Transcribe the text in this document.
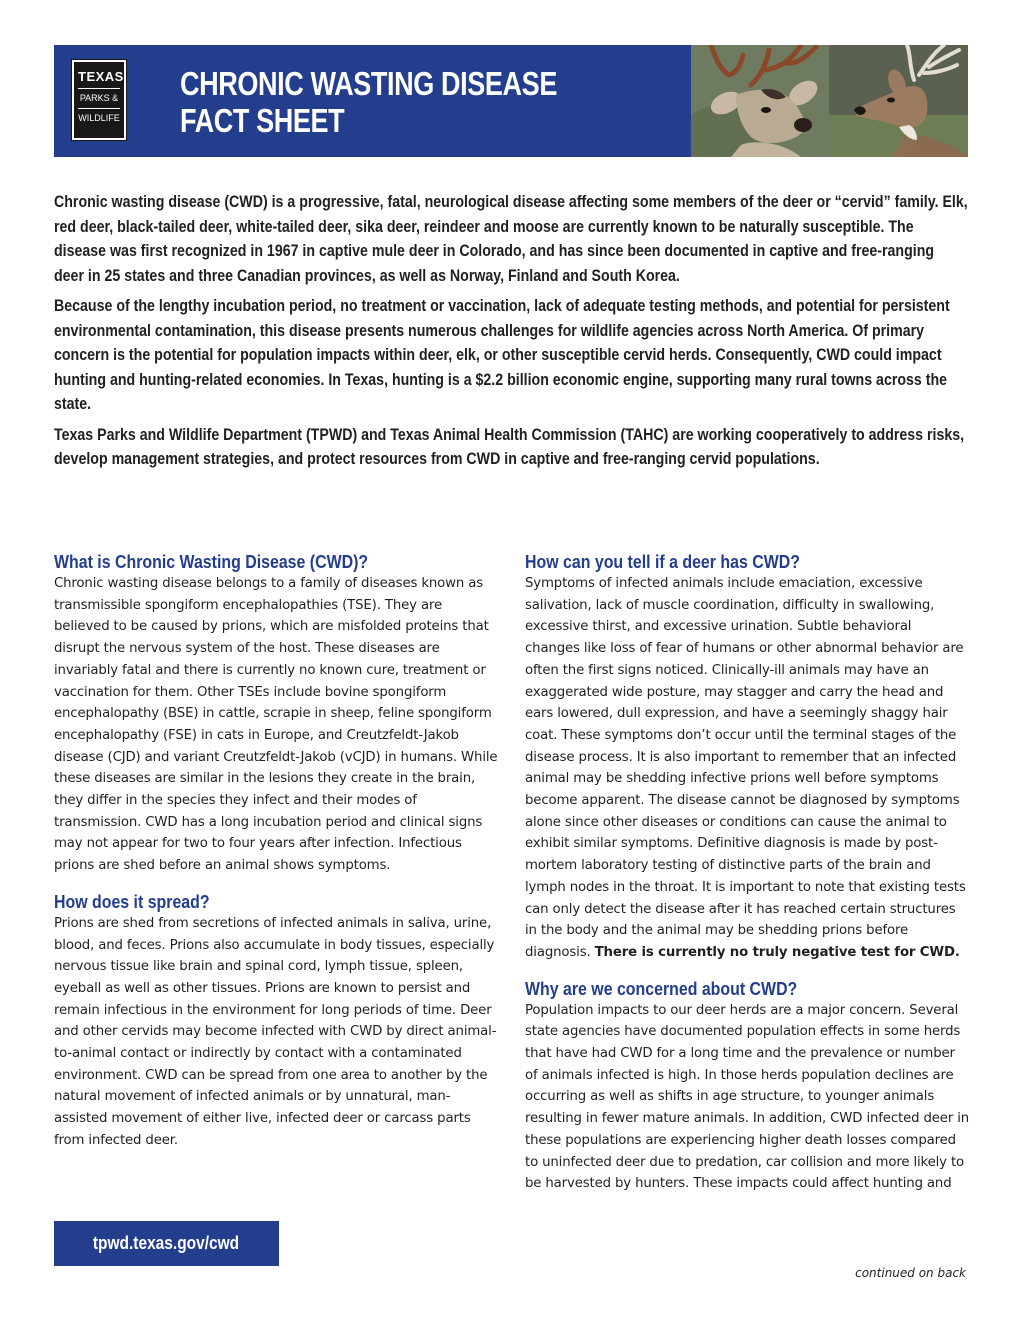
TEXAS
PARKS &
WILDLIFE
CHRONIC WASTING DISEASE
FACT SHEET

Chronic wasting disease (CWD) is a progressive, fatal, neurological disease affecting some members of the deer or “cervid” family. Elk, red deer, black-tailed deer, white-tailed deer, sika deer, reindeer and moose are currently known to be naturally susceptible. The disease was first recognized in 1967 in captive mule deer in Colorado, and has since been documented in captive and free-ranging deer in 25 states and three Canadian provinces, as well as Norway, Finland and South Korea.

Because of the lengthy incubation period, no treatment or vaccination, lack of adequate testing methods, and potential for persistent environmental contamination, this disease presents numerous challenges for wildlife agencies across North America. Of primary concern is the potential for population impacts within deer, elk, or other susceptible cervid herds. Consequently, CWD could impact hunting and hunting-related economies. In Texas, hunting is a $2.2 billion economic engine, supporting many rural towns across the state.

Texas Parks and Wildlife Department (TPWD) and Texas Animal Health Commission (TAHC) are working cooperatively to address risks, develop management strategies, and protect resources from CWD in captive and free-ranging cervid populations.

What is Chronic Wasting Disease (CWD)?

Chronic wasting disease belongs to a family of diseases known as transmissible spongiform encephalopathies (TSE). They are believed to be caused by prions, which are misfolded proteins that disrupt the nervous system of the host. These diseases are invariably fatal and there is currently no known cure, treatment or vaccination for them. Other TSEs include bovine spongiform encephalopathy (BSE) in cattle, scrapie in sheep, feline spongiform encephalopathy (FSE) in cats in Europe, and Creutzfeldt-Jakob disease (CJD) and variant Creutzfeldt-Jakob (vCJD) in humans. While these diseases are similar in the lesions they create in the brain, they differ in the species they infect and their modes of transmission. CWD has a long incubation period and clinical signs may not appear for two to four years after infection. Infectious prions are shed before an animal shows symptoms.

How does it spread?

Prions are shed from secretions of infected animals in saliva, urine, blood, and feces. Prions also accumulate in body tissues, especially nervous tissue like brain and spinal cord, lymph tissue, spleen, eyeball as well as other tissues. Prions are known to persist and remain infectious in the environment for long periods of time. Deer and other cervids may become infected with CWD by direct animal-to-animal contact or indirectly by contact with a contaminated environment. CWD can be spread from one area to another by the natural movement of infected animals or by unnatural, man-assisted movement of either live, infected deer or carcass parts from infected deer.

How can you tell if a deer has CWD?

Symptoms of infected animals include emaciation, excessive salivation, lack of muscle coordination, difficulty in swallowing, excessive thirst, and excessive urination. Subtle behavioral changes like loss of fear of humans or other abnormal behavior are often the first signs noticed. Clinically-ill animals may have an exaggerated wide posture, may stagger and carry the head and ears lowered, dull expression, and have a seemingly shaggy hair coat. These symptoms don’t occur until the terminal stages of the disease process. It is also important to remember that an infected animal may be shedding infective prions well before symptoms become apparent. The disease cannot be diagnosed by symptoms alone since other diseases or conditions can cause the animal to exhibit similar symptoms. Definitive diagnosis is made by post-mortem laboratory testing of distinctive parts of the brain and lymph nodes in the throat. It is important to note that existing tests can only detect the disease after it has reached certain structures in the body and the animal may be shedding prions before diagnosis. There is currently no truly negative test for CWD.

Why are we concerned about CWD?

Population impacts to our deer herds are a major concern. Several state agencies have documented population effects in some herds that have had CWD for a long time and the prevalence or number of animals infected is high. In those herds population declines are occurring as well as shifts in age structure, to younger animals resulting in fewer mature animals. In addition, CWD infected deer in these populations are experiencing higher death losses compared to uninfected deer due to predation, car collision and more likely to be harvested by hunters. These impacts could affect hunting and

tpwd.texas.gov/cwd
continued on back
